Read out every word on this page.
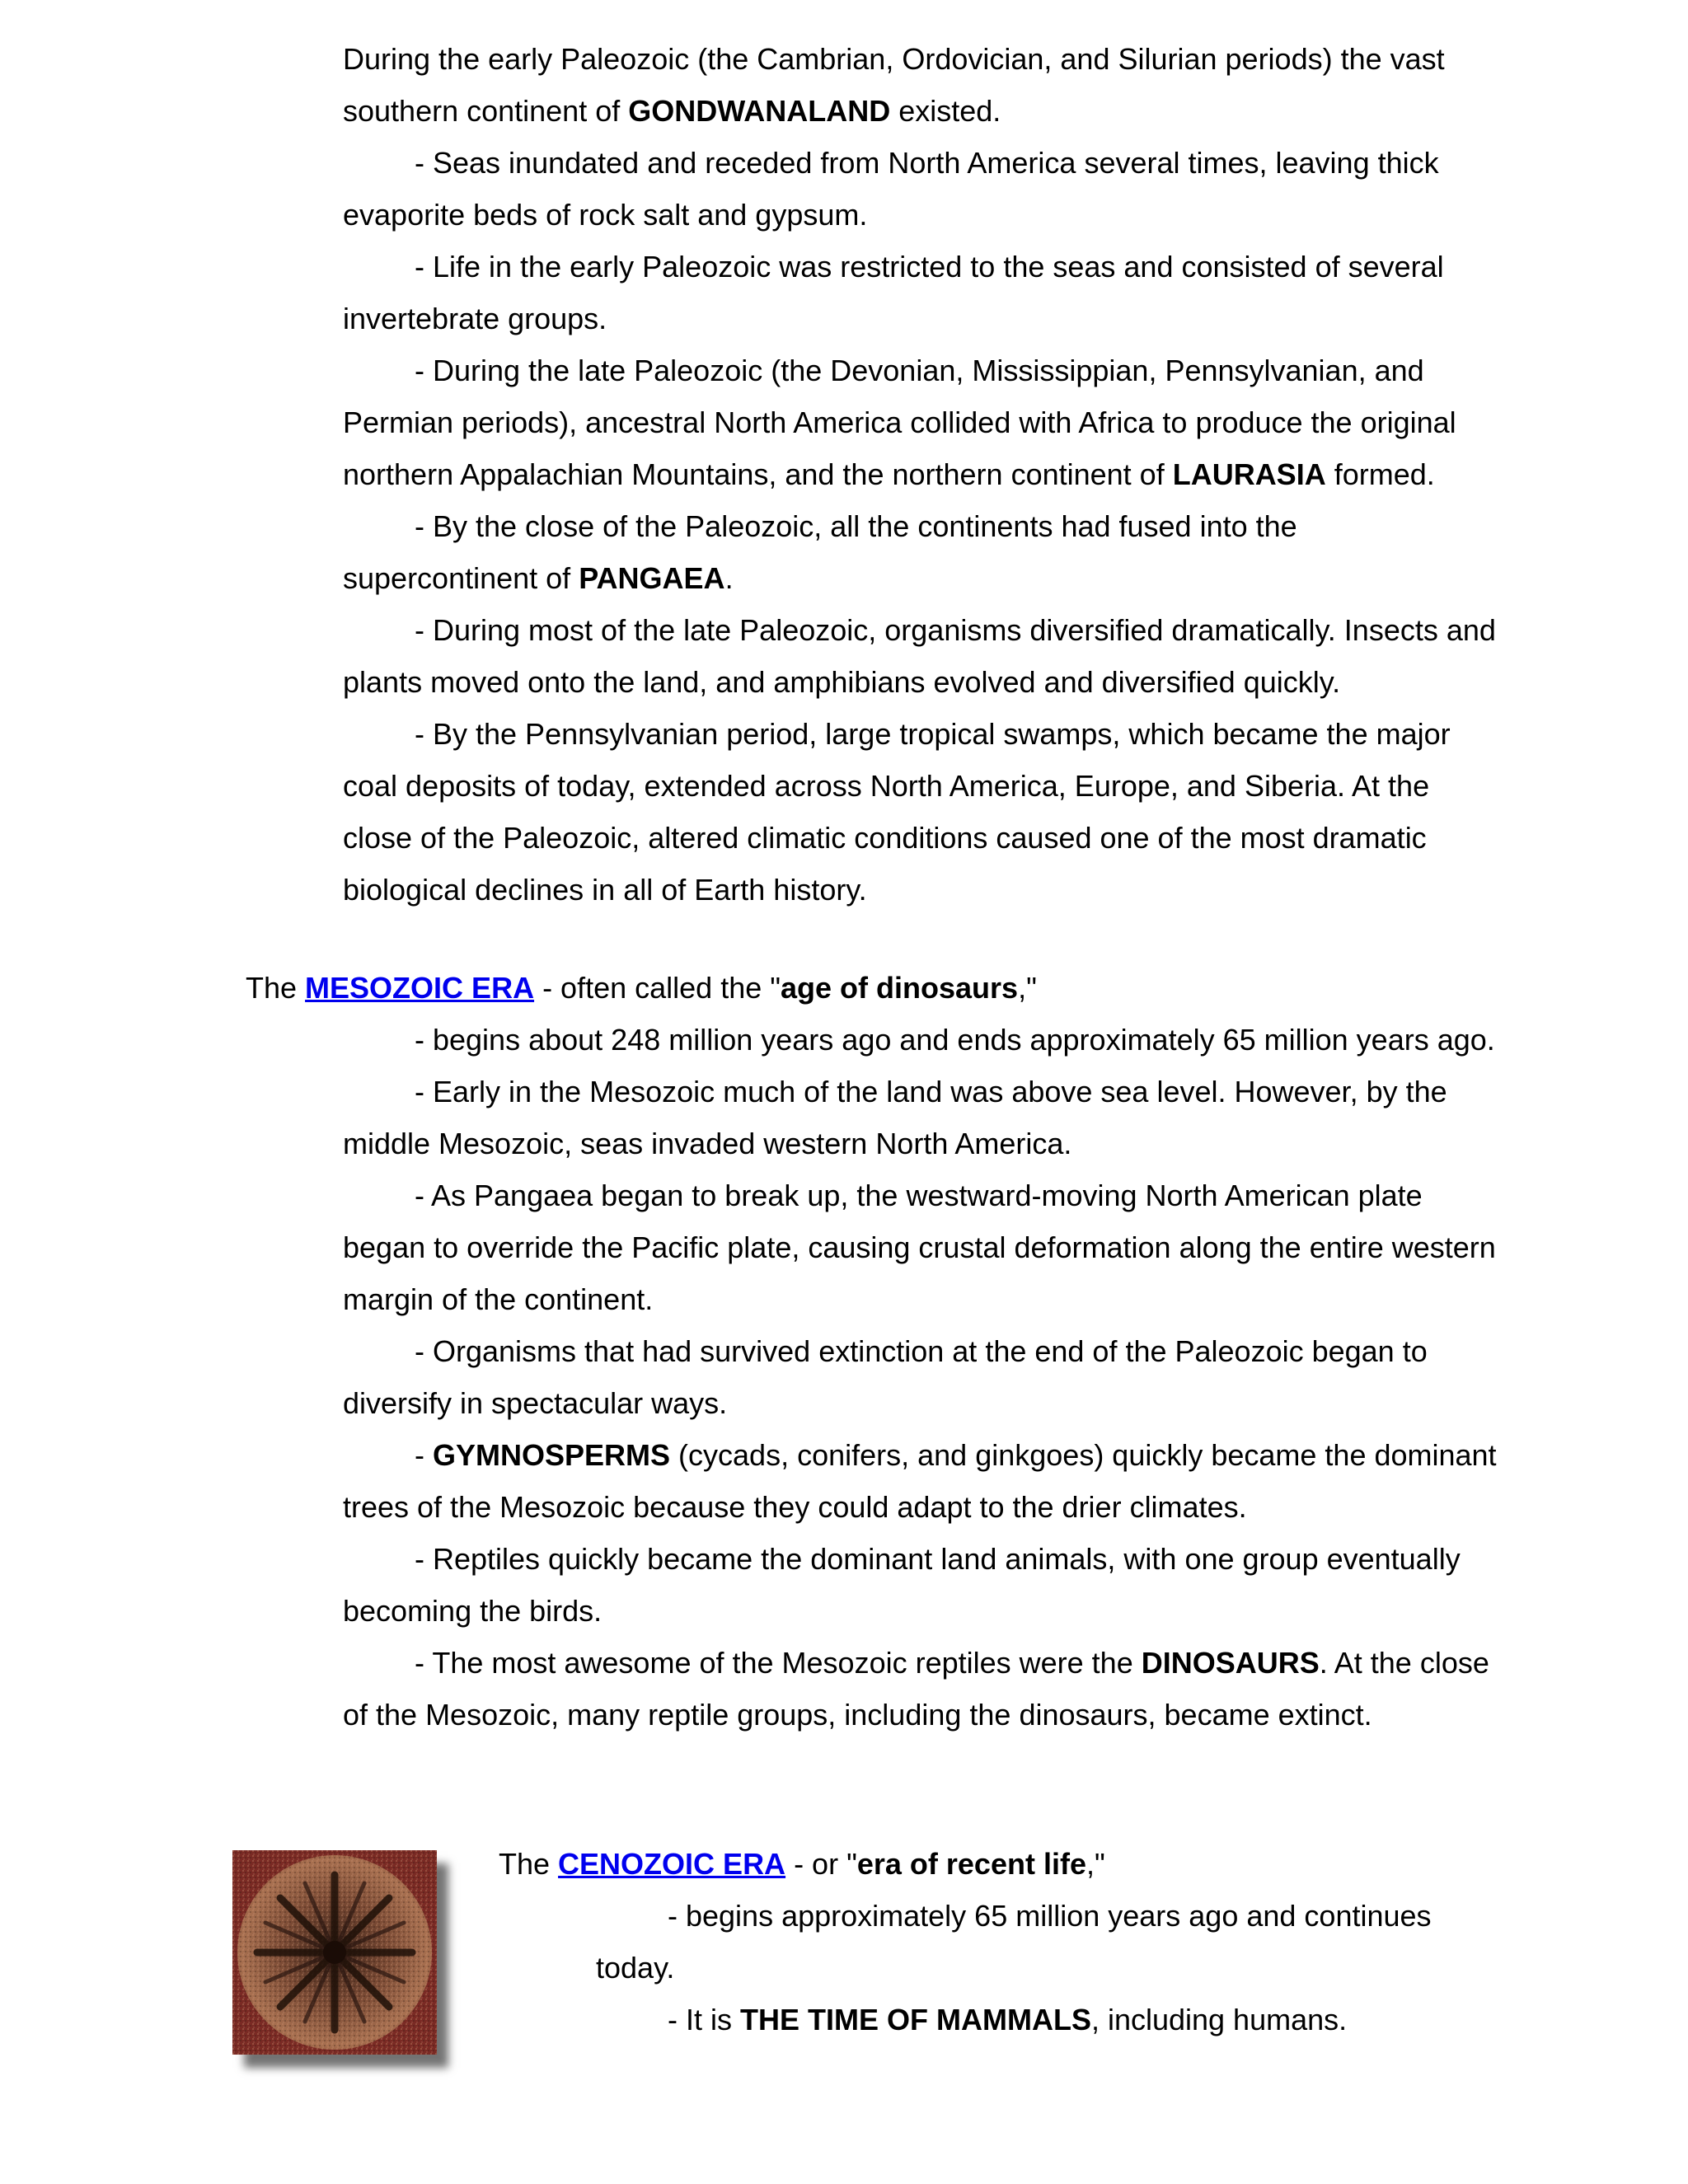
During the early Paleozoic (the Cambrian, Ordovician, and Silurian periods) the vast southern continent of GONDWANALAND existed.

- Seas inundated and receded from North America several times, leaving thick evaporite beds of rock salt and gypsum.

- Life in the early Paleozoic was restricted to the seas and consisted of several invertebrate groups.

- During the late Paleozoic (the Devonian, Mississippian, Pennsylvanian, and Permian periods), ancestral North America collided with Africa to produce the original northern Appalachian Mountains, and the northern continent of LAURASIA formed.

- By the close of the Paleozoic, all the continents had fused into the supercontinent of PANGAEA.

- During most of the late Paleozoic, organisms diversified dramatically. Insects and plants moved onto the land, and amphibians evolved and diversified quickly.

- By the Pennsylvanian period, large tropical swamps, which became the major coal deposits of today, extended across North America, Europe, and Siberia. At the close of the Paleozoic, altered climatic conditions caused one of the most dramatic biological declines in all of Earth history.

The MESOZOIC ERA - often called the "age of dinosaurs,"

- begins about 248 million years ago and ends approximately 65 million years ago.

- Early in the Mesozoic much of the land was above sea level. However, by the middle Mesozoic, seas invaded western North America.

- As Pangaea began to break up, the westward-moving North American plate began to override the Pacific plate, causing crustal deformation along the entire western margin of the continent.

- Organisms that had survived extinction at the end of the Paleozoic began to diversify in spectacular ways.

- GYMNOSPERMS (cycads, conifers, and ginkgoes) quickly became the dominant trees of the Mesozoic because they could adapt to the drier climates.

- Reptiles quickly became the dominant land animals, with one group eventually becoming the birds.

- The most awesome of the Mesozoic reptiles were the DINOSAURS. At the close of the Mesozoic, many reptile groups, including the dinosaurs, became extinct.

The CENOZOIC ERA - or "era of recent life,"

- begins approximately 65 million years ago and continues today.

- It is THE TIME OF MAMMALS, including humans.
